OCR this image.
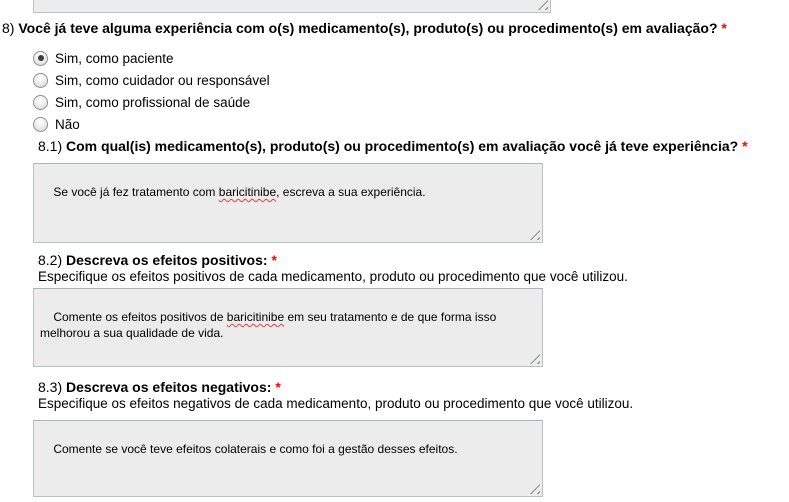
8) Você já teve alguma experiência com o(s) medicamento(s), produto(s) ou procedimento(s) em avaliação? *
Sim, como paciente
Sim, como cuidador ou responsável
Sim, como profissional de saúde
Não
8.1) Com qual(is) medicamento(s), produto(s) ou procedimento(s) em avaliação você já teve experiência? *

Se você já fez tratamento com baricitinibe, escreva a sua experiência.

8.2) Descreva os efeitos positivos: *
Especifique os efeitos positivos de cada medicamento, produto ou procedimento que você utilizou.

Comente os efeitos positivos de baricitinibe em seu tratamento e de que forma isso melhorou a sua qualidade de vida.

8.3) Descreva os efeitos negativos: *
Especifique os efeitos negativos de cada medicamento, produto ou procedimento que você utilizou.

Comente se você teve efeitos colaterais e como foi a gestão desses efeitos.
